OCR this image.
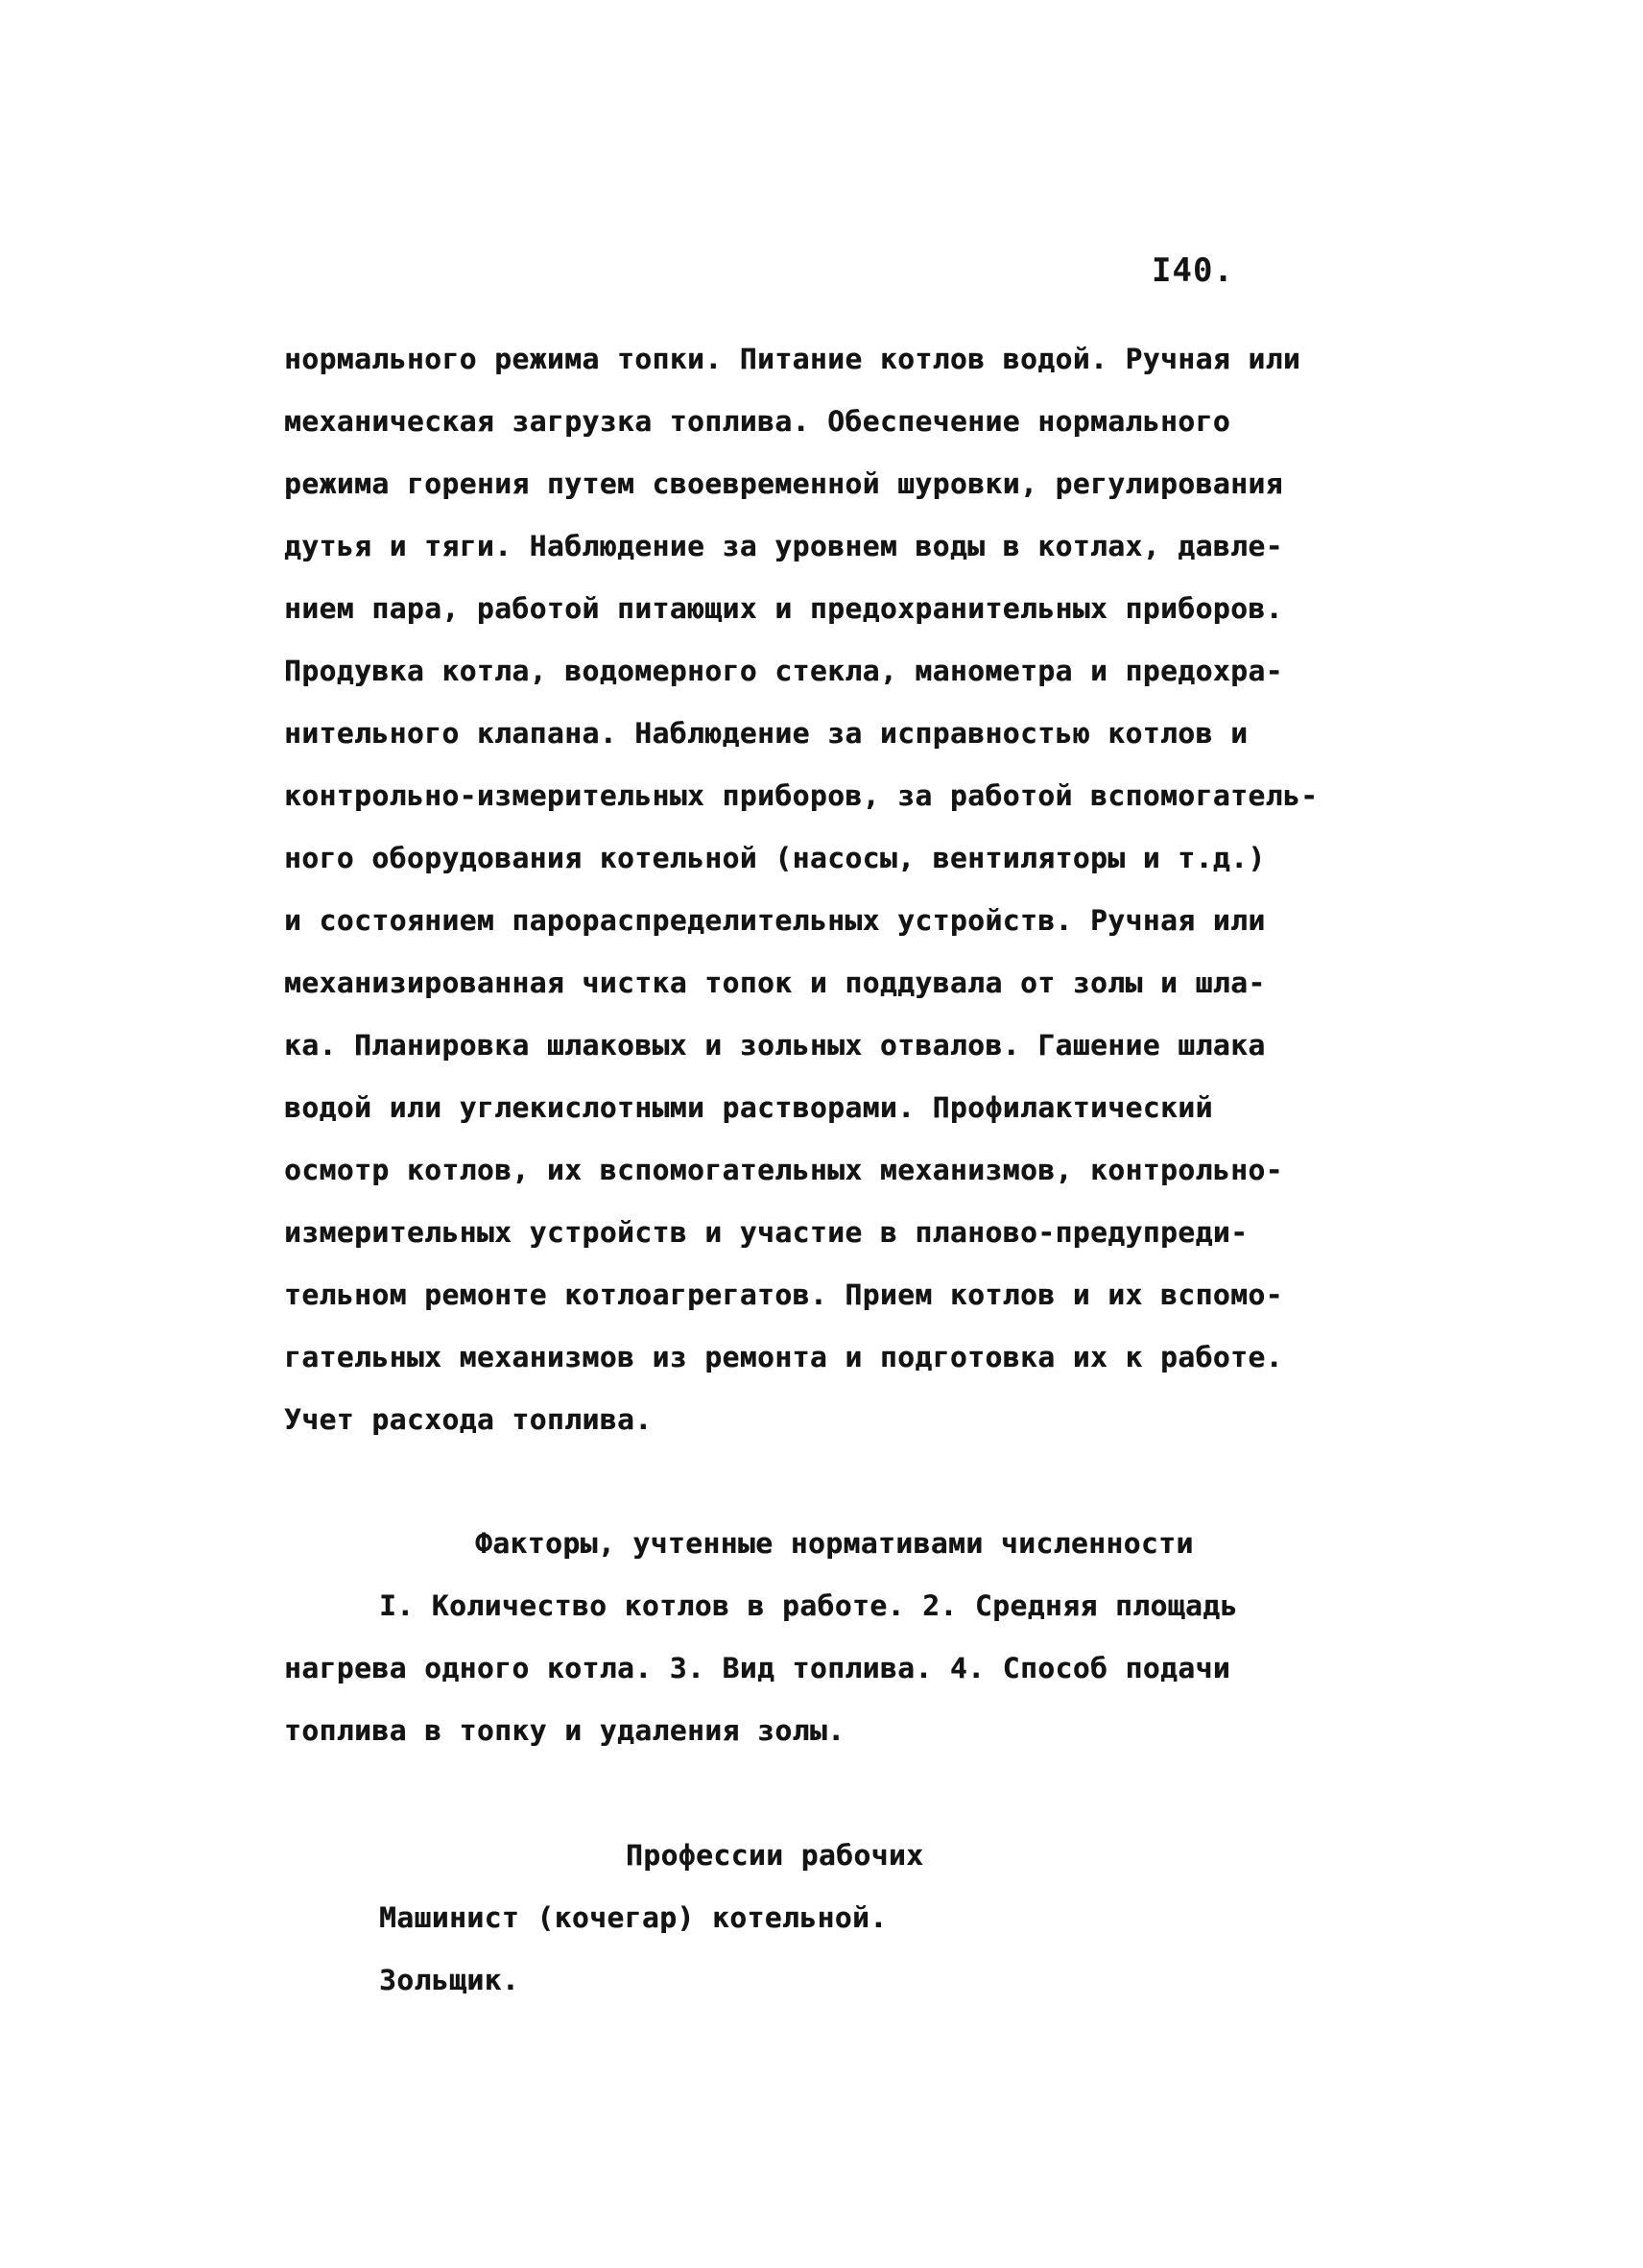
I40.
нормального режима топки. Питание котлов водой. Ручная или
механическая загрузка топлива. Обеспечение нормального
режима горения путем своевременной шуровки, регулирования
дутья и тяги. Наблюдение за уровнем воды в котлах, давле-
нием пара, работой питающих и предохранительных приборов.
Продувка котла, водомерного стекла, манометра и предохра-
нительного клапана. Наблюдение за исправностью котлов и
контрольно-измерительных приборов, за работой вспомогатель-
ного оборудования котельной (насосы, вентиляторы и т.д.)
и состоянием парораспределительных устройств. Ручная или
механизированная чистка топок и поддувала от золы и шла-
ка. Планировка шлаковых и зольных отвалов. Гашение шлака
водой или углекислотными растворами. Профилактический
осмотр котлов, их вспомогательных механизмов, контрольно-
измерительных устройств и участие в планово-предупреди-
тельном ремонте котлоагрегатов. Прием котлов и их вспомо-
гательных механизмов из ремонта и подготовка их к работе.
Учет расхода топлива.
Факторы, учтенные нормативами численности
I. Количество котлов в работе. 2. Средняя площадь
нагрева одного котла. 3. Вид топлива. 4. Способ подачи
топлива в топку и удаления золы.
Профессии рабочих
Машинист (кочегар) котельной.
Зольщик.
